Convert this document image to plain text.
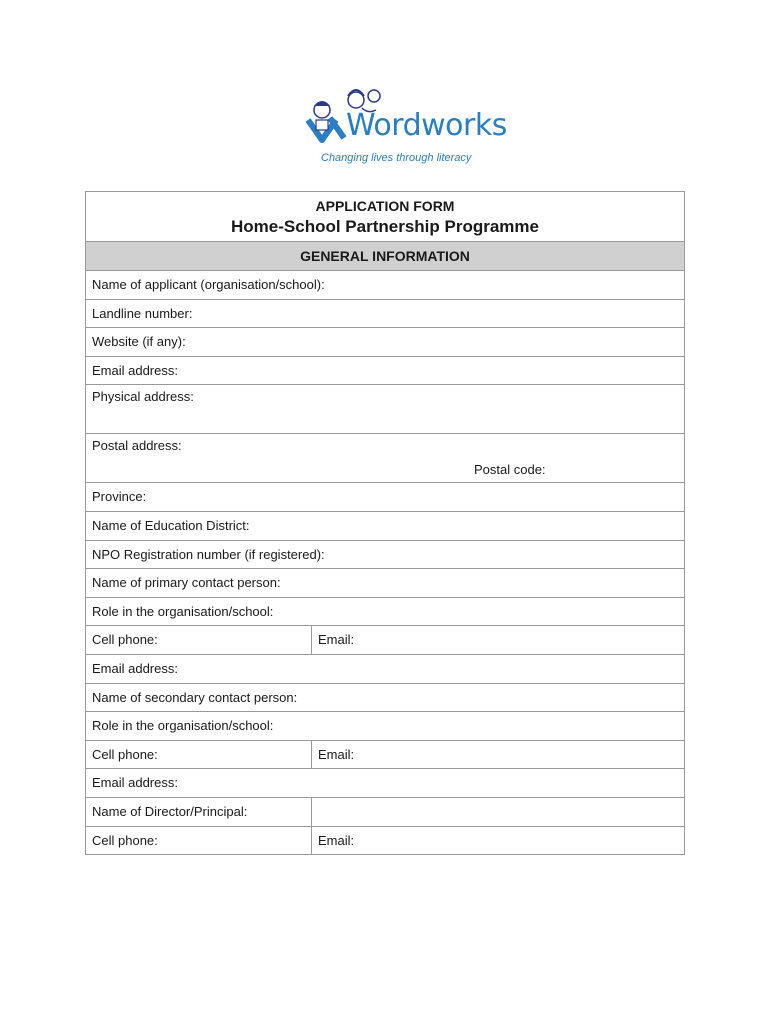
Wordworks
Changing lives through literacy
APPLICATION FORM
Home-School Partnership Programme
GENERAL INFORMATION
Name of applicant (organisation/school):
Landline number:
Website (if any):
Email address:
Physical address:
Postal address:
Postal code:
Province:
Name of Education District:
NPO Registration number (if registered):
Name of primary contact person:
Role in the organisation/school:
Cell phone:	Email:
Email address:
Name of secondary contact person:
Role in the organisation/school:
Cell phone:	Email:
Email address:
Name of Director/Principal:
Cell phone:	Email:
